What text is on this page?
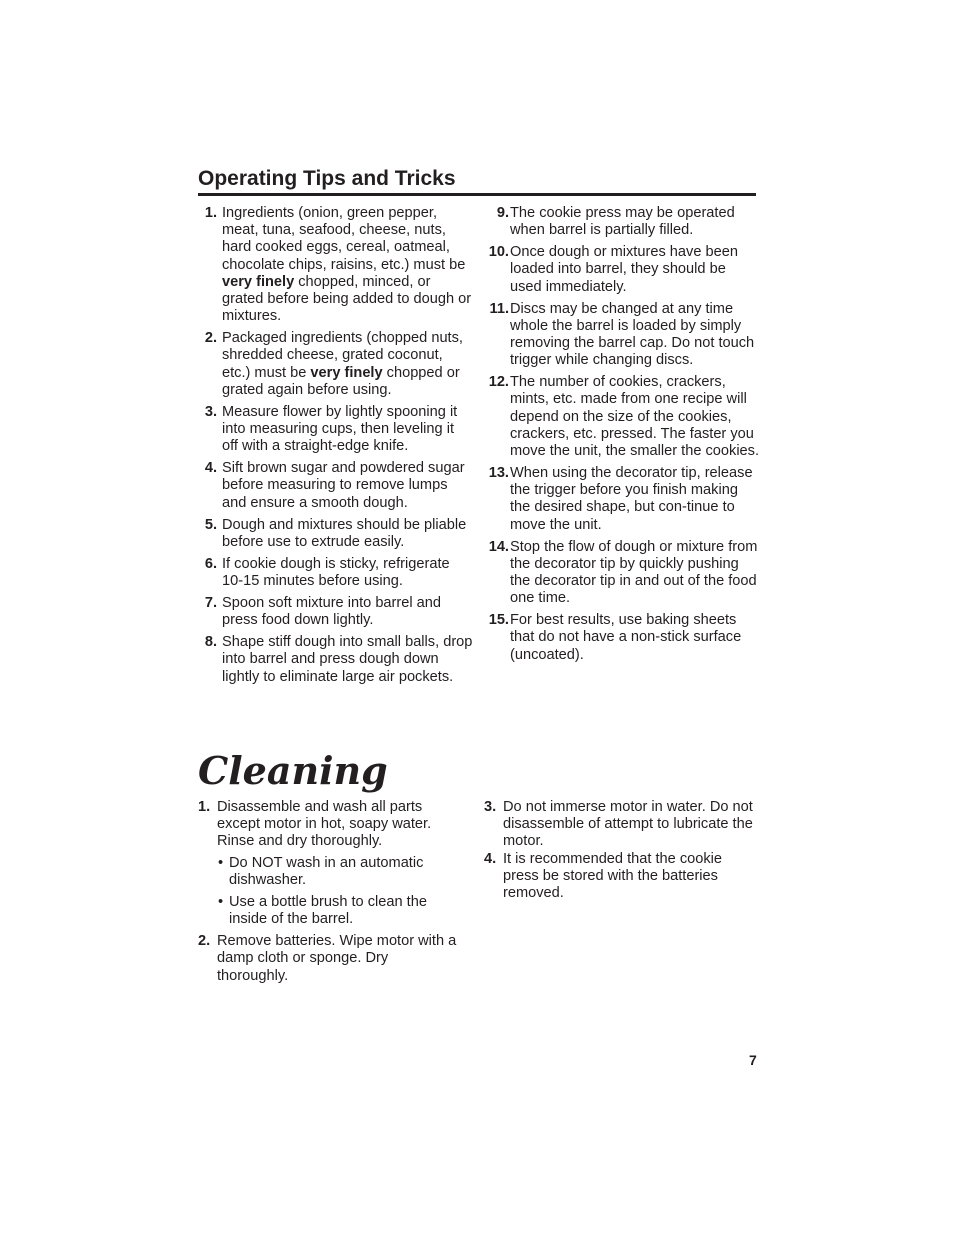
Operating Tips and Tricks
1. Ingredients (onion, green pepper, meat, tuna, seafood, cheese, nuts, hard cooked eggs, cereal, oatmeal, chocolate chips, raisins, etc.) must be very finely chopped, minced, or grated before being added to dough or mixtures.
2. Packaged ingredients (chopped nuts, shredded cheese, grated coconut, etc.) must be very finely chopped or grated again before using.
3. Measure flower by lightly spooning it into measuring cups, then leveling it off with a straight-edge knife.
4. Sift brown sugar and powdered sugar before measuring to remove lumps and ensure a smooth dough.
5. Dough and mixtures should be pliable before use to extrude easily.
6. If cookie dough is sticky, refrigerate 10-15 minutes before using.
7. Spoon soft mixture into barrel and press food down lightly.
8. Shape stiff dough into small balls, drop into barrel and press dough down lightly to eliminate large air pockets.
9. The cookie press may be operated when barrel is partially filled.
10. Once dough or mixtures have been loaded into barrel, they should be used immediately.
11. Discs may be changed at any time whole the barrel is loaded by simply removing the barrel cap. Do not touch trigger while changing discs.
12. The number of cookies, crackers, mints, etc. made from one recipe will depend on the size of the cookies, crackers, etc. pressed. The faster you move the unit, the smaller the cookies.
13. When using the decorator tip, release the trigger before you finish making the desired shape, but con-tinue to move the unit.
14. Stop the flow of dough or mixture from the decorator tip by quickly pushing the decorator tip in and out of the food one time.
15. For best results, use baking sheets that do not have a non-stick surface (uncoated).
Cleaning
1. Disassemble and wash all parts except motor in hot, soapy water. Rinse and dry thoroughly.
• Do NOT wash in an automatic dishwasher.
• Use a bottle brush to clean the inside of the barrel.
2. Remove batteries. Wipe motor with a damp cloth or sponge. Dry thoroughly.
3. Do not immerse motor in water. Do not disassemble of attempt to lubricate the motor.
4. It is recommended that the cookie press be stored with the batteries removed.
7
